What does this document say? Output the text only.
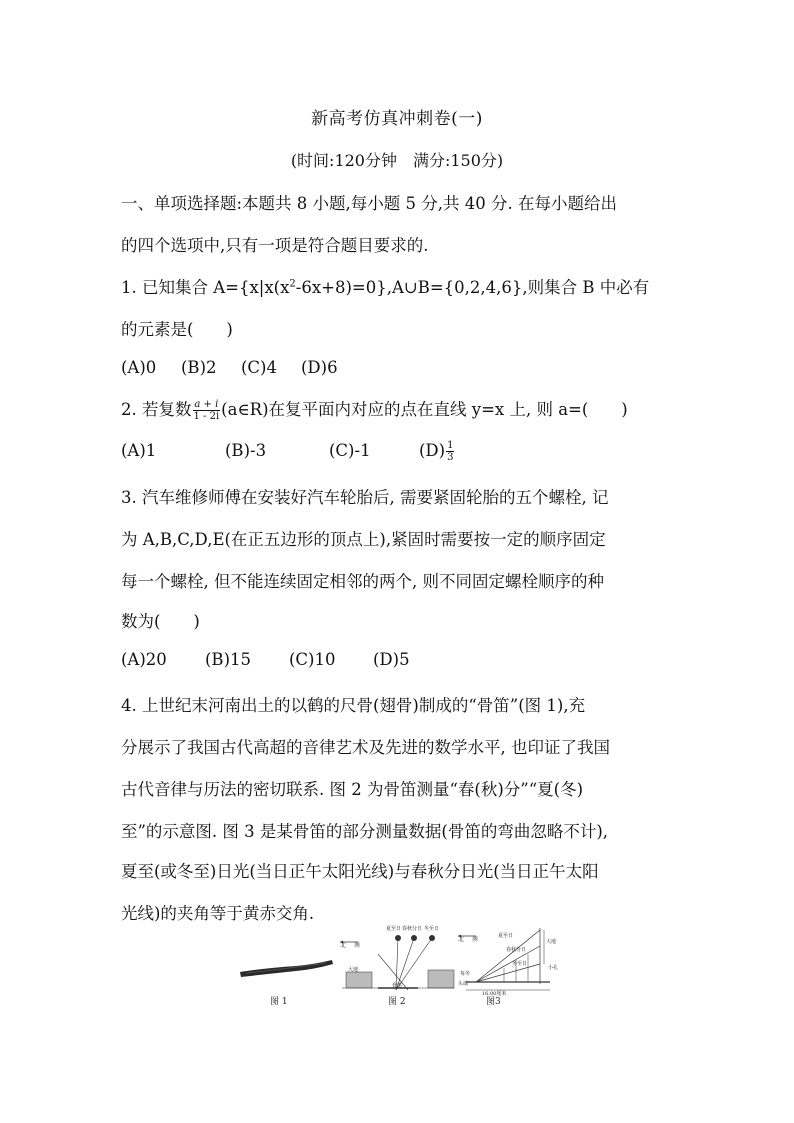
新高考仿真冲刺卷(一)
(时间:120分钟　满分:150分)
一、单项选择题:本题共 8 小题,每小题 5 分,共 40 分. 在每小题给出
的四个选项中,只有一项是符合题目要求的.
1. 已知集合 $A=\{x|x(x^2-6x+8)=0\},A\cup B=\{0,2,4,6\}$,则集合 B 中必有
的元素是(　　)
(A)0 (B)2 (C)4 (D)6
2. 若复数 $\frac{a + i}{1 - 2i}$ (a∈R)在复平面内对应的点在直线 y=x 上, 则 a=(　　)
(A)1	(B)-3	(C)-1	$(D) \frac{1}{3}$
3. 汽车维修师傅在安装好汽车轮胎后, 需要紧固轮胎的五个螺栓, 记
为 A,B,C,D,E(在正五边形的顶点上),紧固时需要按一定的顺序固定
每一个螺栓, 但不能连续固定相邻的两个, 则不同固定螺栓顺序的种
数为(　　)
(A)20 (B)15 (C)10 (D)5
4. 上世纪末河南出土的以鹤的尺骨(翅骨)制成的“骨笛”(图 1),充
分展示了我国古代高超的音律艺术及先进的数学水平, 也印证了我国
古代音律与历法的密切联系. 图 2 为骨笛测量“春(秋)分”“夏(冬)
至”的示意图. 图 3 是某骨笛的部分测量数据(骨笛的弯曲忽略不计),
夏至(或冬至)日光(当日正午太阳光线)与春秋分日光(当日正午太阳
光线)的夹角等于黄赤交角.
图 1
北 南
夏至日 春秋分日 冬至日
大地
骨笛
图 2
北 南	夏至日
春秋分日
冬至日
每冬
16.00厘米
大地
小孔
头端
图3
